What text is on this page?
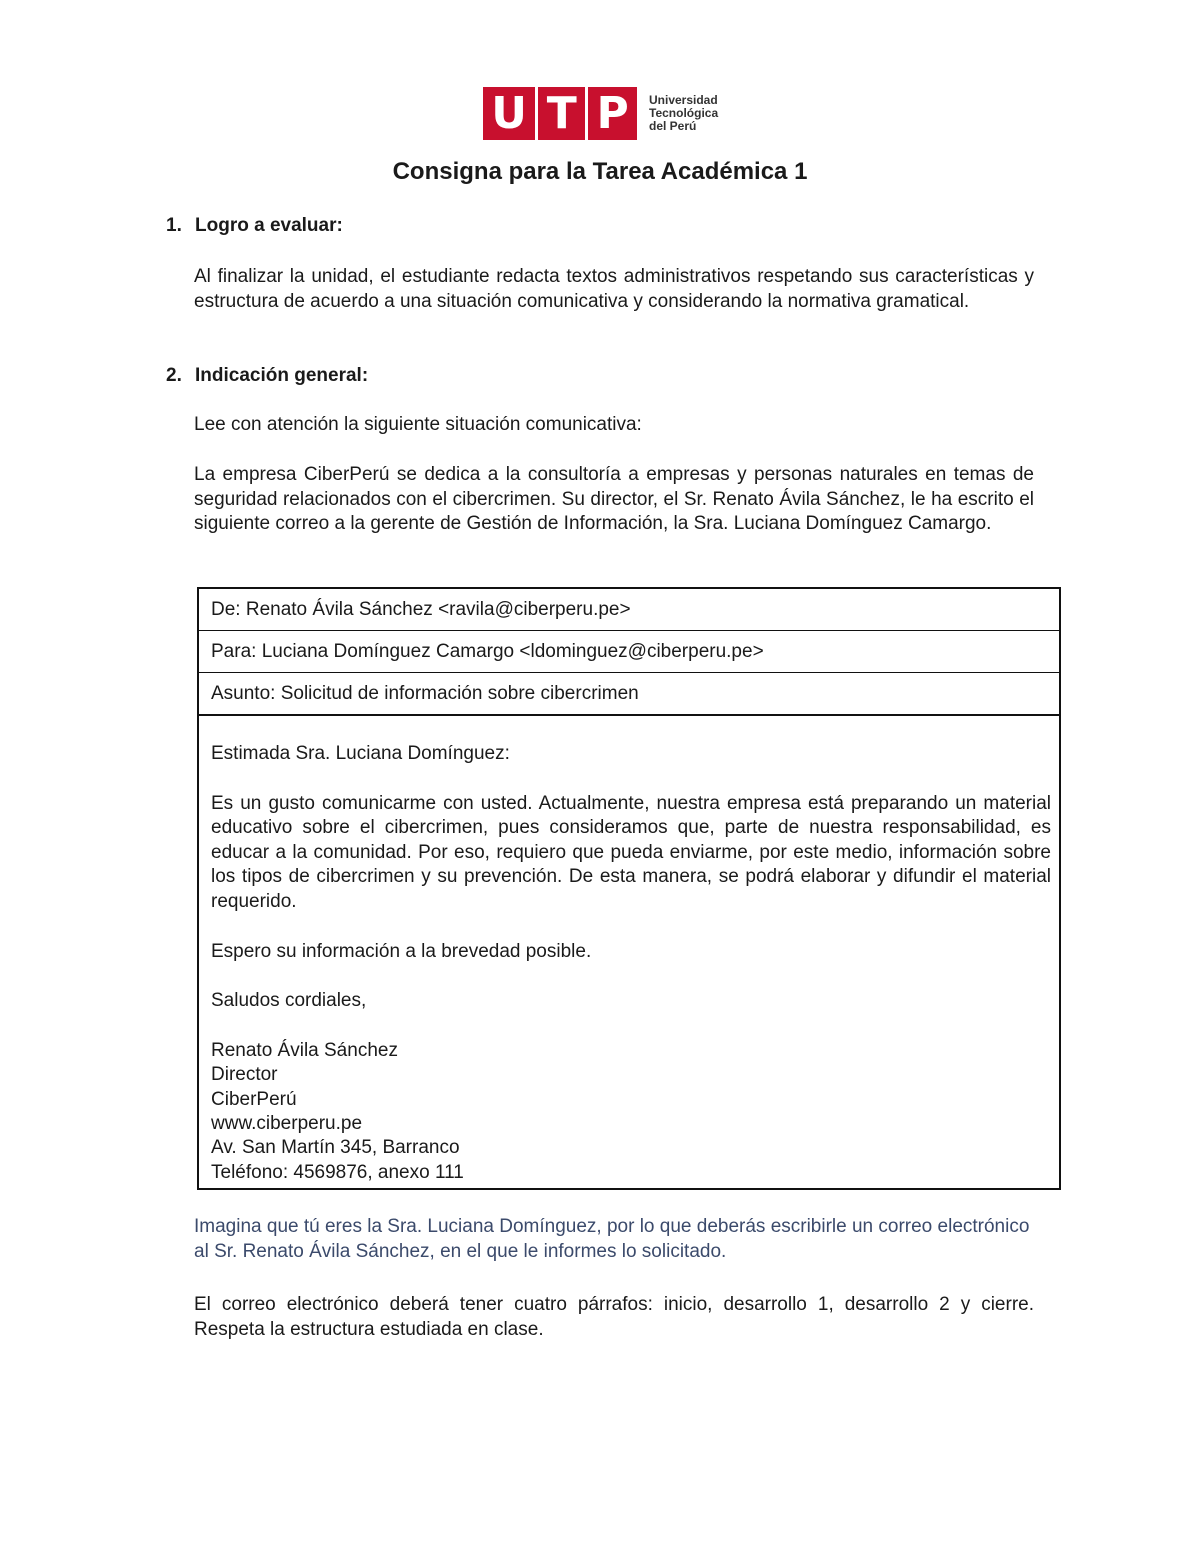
U T P Universidad
Tecnológica
del Perú
Consigna para la Tarea Académica 1
1. Logro a evaluar:
Al finalizar la unidad, el estudiante redacta textos administrativos respetando sus características y estructura de acuerdo a una situación comunicativa y considerando la normativa gramatical.
2. Indicación general:
Lee con atención la siguiente situación comunicativa:
La empresa CiberPerú se dedica a la consultoría a empresas y personas naturales en temas de seguridad relacionados con el cibercrimen. Su director, el Sr. Renato Ávila Sánchez, le ha escrito el siguiente correo a la gerente de Gestión de Información, la Sra. Luciana Domínguez Camargo.
De: Renato Ávila Sánchez <ravila@ciberperu.pe>
Para: Luciana Domínguez Camargo <ldominguez@ciberperu.pe>
Asunto: Solicitud de información sobre cibercrimen

Estimada Sra. Luciana Domínguez:

Es un gusto comunicarme con usted. Actualmente, nuestra empresa está preparando un material educativo sobre el cibercrimen, pues consideramos que, parte de nuestra responsabilidad, es educar a la comunidad. Por eso, requiero que pueda enviarme, por este medio, información sobre los tipos de cibercrimen y su prevención. De esta manera, se podrá elaborar y difundir el material requerido.

Espero su información a la brevedad posible.

Saludos cordiales,

Renato Ávila Sánchez
Director
CiberPerú
www.ciberperu.pe
Av. San Martín 345, Barranco
Teléfono: 4569876, anexo 111
Imagina que tú eres la Sra. Luciana Domínguez, por lo que deberás escribirle un correo electrónico al Sr. Renato Ávila Sánchez, en el que le informes lo solicitado.
El correo electrónico deberá tener cuatro párrafos: inicio, desarrollo 1, desarrollo 2 y cierre. Respeta la estructura estudiada en clase.
